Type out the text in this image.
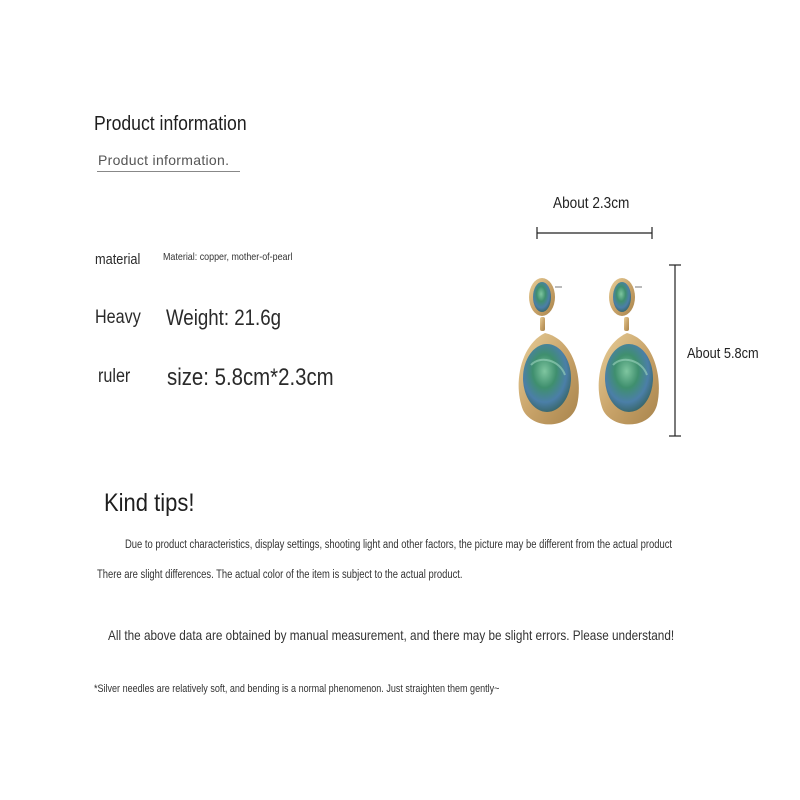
Product information
Product information.
material Material: copper, mother-of-pearl
Heavy Weight: 21.6g
ruler size: 5.8cm*2.3cm
About 2.3cm
About 5.8cm
Kind tips!
Due to product characteristics, display settings, shooting light and other factors, the picture may be different from the actual product
There are slight differences. The actual color of the item is subject to the actual product.
All the above data are obtained by manual measurement, and there may be slight errors. Please understand!
*Silver needles are relatively soft, and bending is a normal phenomenon. Just straighten them gently~
